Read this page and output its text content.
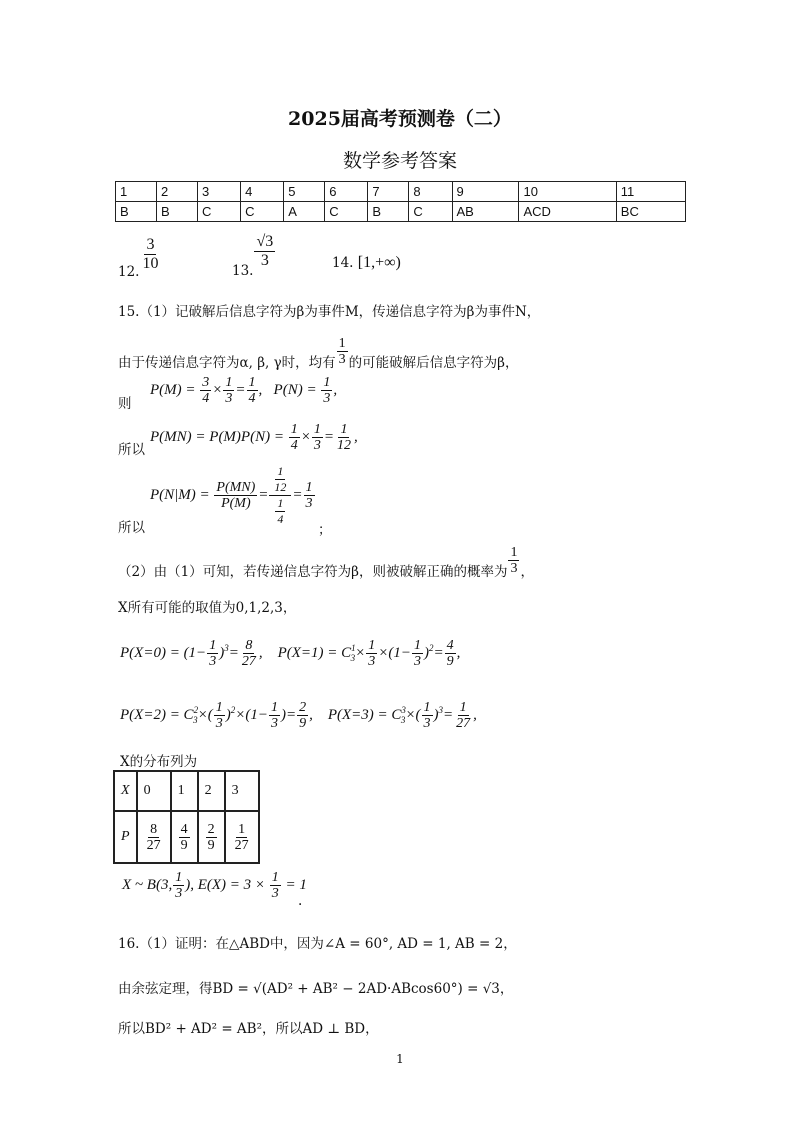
2025届高考预测卷（二）
数学参考答案
1	2	3	4	5	6	7	8	9	10	11
B	B	C	C	A	C	B	C	AB	ACD	BC
12. $\frac{3}{10}$	13.
$\frac{√3}{3}$	14. [1,+∞)
15.（1）记破解后信息字符为β为事件M，传递信息字符为β为事件N，
由于传递信息字符为α, β, γ时，均有 $\frac{1}{3}$ 的可能破解后信息字符为β，
则
$P(M) = \frac{3}{4} \times \frac{1}{3} = \frac{1}{4}$ ,   $P(N) = \frac{1}{3}$ ,
所以
$P(MN) = P(M)P(N) = \frac{1}{4} \times \frac{1}{3} = \frac{1}{12}$ ,
所以
$P(N|M) = \frac{P(MN)}{P(M)} = \frac{\frac{1}{12}}{\frac{1}{4}} = \frac{1}{3}$
；
（2）由（1）可知，若传递信息字符为β，则被破解正确的概率为 $\frac{1}{3}$ ，
X所有可能的取值为0,1,2,3，
$P(X=0) = (1- \frac{1}{3} )^3= \frac{8}{27}$ ,    $P(X=1) = C^1_3\times \frac{1}{3} \times(1- \frac{1}{3} )^2= \frac{4}{9}$ ,
$P(X=2) = C^2_3\times( \frac{1}{3} )^2\times(1- \frac{1}{3}$ )= $\frac{2}{9}$ ,    $P(X=3) = C^3_3\times( \frac{1}{3} )^3= \frac{1}{27}$ ,
X的分布列为
X	0	1	2	3
P	$\frac{8}{27}$	$\frac{4}{9}$	$\frac{2}{9}$	$\frac{1}{27}$
X ~ B(3, $\frac{1}{3}$ ), $E(X) = 3 \times \frac{1}{3} = 1$
.
16.（1）证明：在△ABD中，因为∠A = 60°, AD = 1, AB = 2，
由余弦定理，得BD = √(AD² + AB² − 2AD·ABcos60°) = √3，
所以BD² + AD² = AB²，所以AD ⊥ BD，
1
